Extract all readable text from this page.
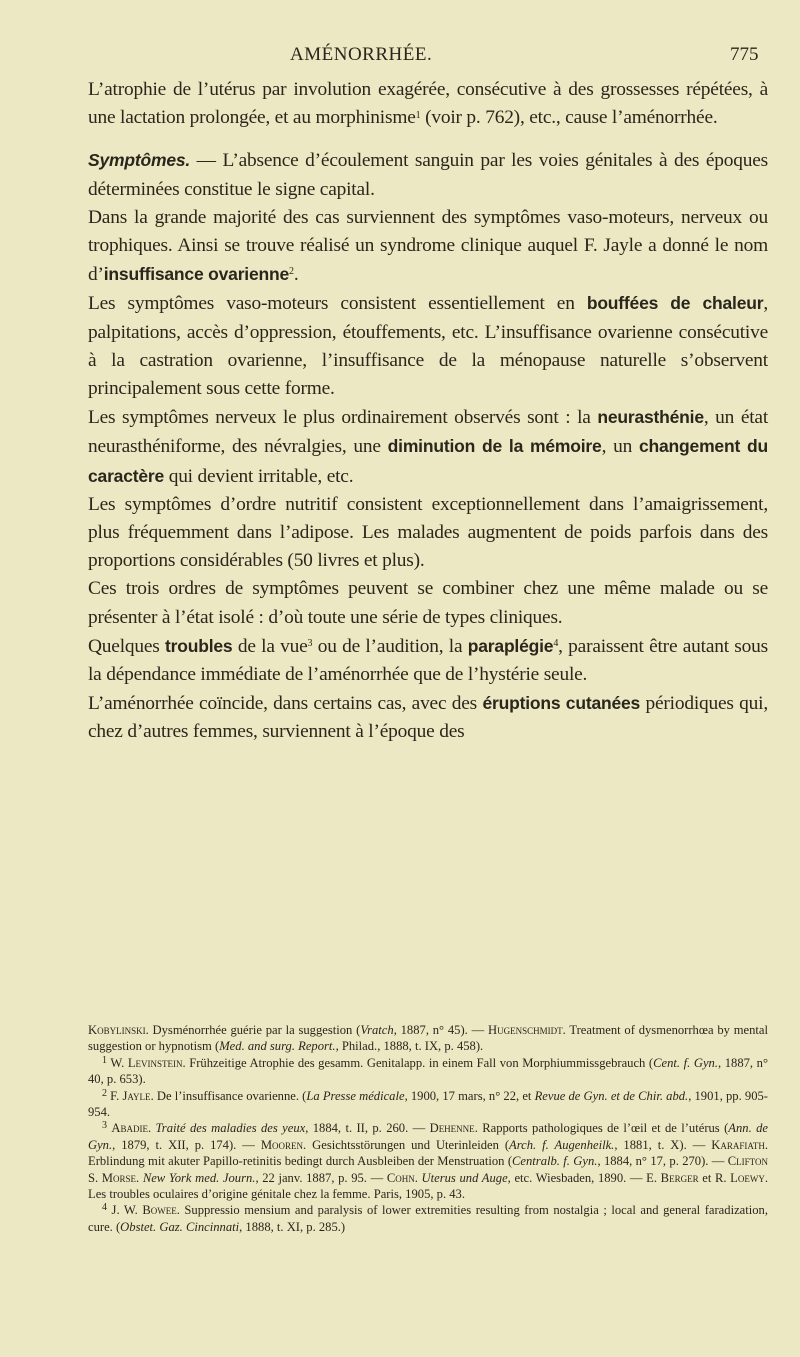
AMÉNORRHÉE.	775

L’atrophie de l’utérus par involution exagérée, consécutive à des grossesses répétées, à une lactation prolongée, et au morphinisme$^1$ (voir p. 762), etc., cause l’aménorrhée.

Symptômes. — L’absence d’écoulement sanguin par les voies génitales à des époques déterminées constitue le signe capital.

Dans la grande majorité des cas surviennent des symptômes vaso-moteurs, nerveux ou trophiques. Ainsi se trouve réalisé un syndrome clinique auquel F. Jayle a donné le nom d’insuffisance ovarienne$^2$.

Les symptômes vaso-moteurs consistent essentiellement en bouffées de chaleur, palpitations, accès d’oppression, étouffements, etc. L’insuffisance ovarienne consécutive à la castration ovarienne, l’insuffisance de la ménopause naturelle s’observent principalement sous cette forme.

Les symptômes nerveux le plus ordinairement observés sont : la neurasthénie, un état neurasthéniforme, des névralgies, une diminution de la mémoire, un changement du caractère qui devient irritable, etc.

Les symptômes d’ordre nutritif consistent exceptionnellement dans l’amaigrissement, plus fréquemment dans l’adipose. Les malades augmentent de poids parfois dans des proportions considérables (50 livres et plus).

Ces trois ordres de symptômes peuvent se combiner chez une même malade ou se présenter à l’état isolé : d’où toute une série de types cliniques.

Quelques troubles de la vue$^3$ ou de l’audition, la paraplégie$^4$, paraissent être autant sous la dépendance immédiate de l’aménorrhée que de l’hystérie seule.

L’aménorrhée coïncide, dans certains cas, avec des éruptions cutanées périodiques qui, chez d’autres femmes, surviennent à l’époque des

Kobylinski. Dysménorrhée guérie par la suggestion (Vratch, 1887, n° 45). — Hugenschmidt. Treatment of dysmenorrhœa by mental suggestion or hypnotism (Med. and surg. Report., Philad., 1888, t. IX, p. 458).

$^1$ W. Levinstein. Frühzeitige Atrophie des gesamm. Genitalapp. in einem Fall von Morphiummissgebrauch (Cent. f. Gyn., 1887, n° 40, p. 653).

$^2$ F. Jayle. De l’insuffisance ovarienne. (La Presse médicale, 1900, 17 mars, n° 22, et Revue de Gyn. et de Chir. abd., 1901, pp. 905-954.

$^3$ Abadie. Traité des maladies des yeux, 1884, t. II, p. 260. — Dehenne. Rapports pathologiques de l’œil et de l’utérus (Ann. de Gyn., 1879, t. XII, p. 174). — Mooren. Gesichtsstörungen und Uterinleiden (Arch. f. Augenheilk., 1881, t. X). — Karafiath. Erblindung mit akuter Papillo-retinitis bedingt durch Ausbleiben der Menstruation (Centralb. f. Gyn., 1884, n° 17, p. 270). — Clifton S. Morse. New York med. Journ., 22 janv. 1887, p. 95. — Cohn. Uterus und Auge, etc. Wiesbaden, 1890. — E. Berger et R. Loewy. Les troubles oculaires d’origine génitale chez la femme. Paris, 1905, p. 43.

$^4$ J. W. Bowee. Suppressio mensium and paralysis of lower extremities resulting from nostalgia ; local and general faradization, cure. (Obstet. Gaz. Cincinnati, 1888, t. XI, p. 285.)
